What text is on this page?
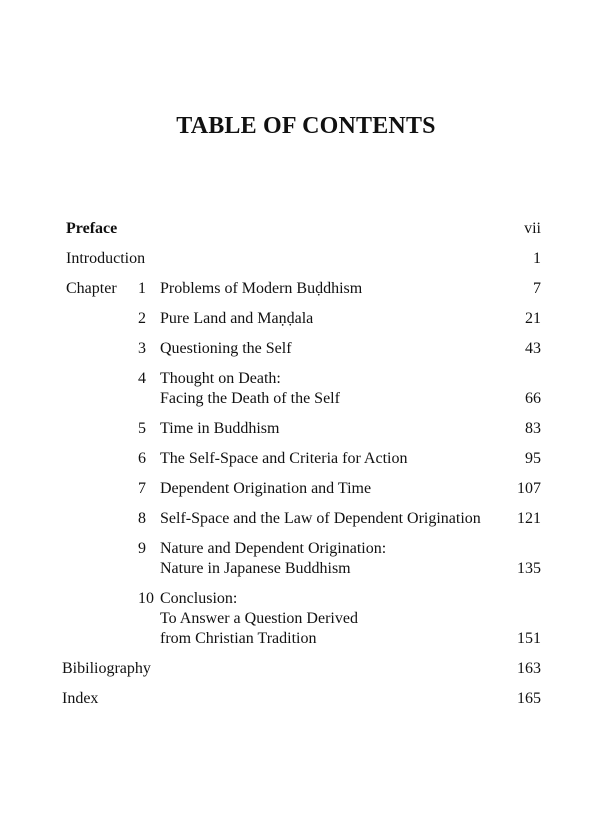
TABLE OF CONTENTS
Preface	vii
Introduction	1
Chapter	1 Problems of Modern Buḍdhism	7
2 Pure Land and Maṇḍala	21
3 Questioning the Self	43
4 Thought on Death:
Facing the Death of the Self	66
5 Time in Buddhism	83
6 The Self-Space and Criteria for Action	95
7 Dependent Origination and Time	107
8 Self-Space and the Law of Dependent Origination 121
9 Nature and Dependent Origination:
Nature in Japanese Buddhism	135
10 Conclusion:
To Answer a Question Derived
from Christian Tradition	151
Bibiliography	163
Index	165
